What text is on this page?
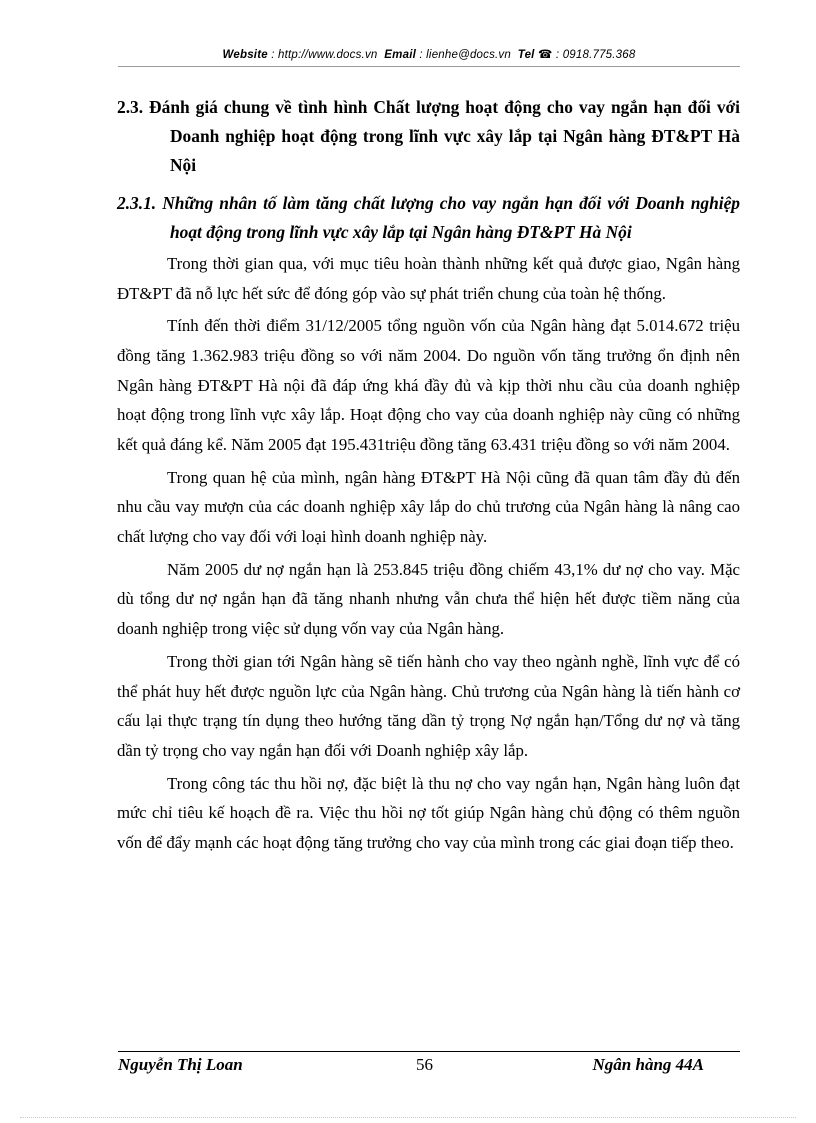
Website : http://www.docs.vn Email : lienhe@docs.vn Tel ☎ : 0918.775.368
2.3. Đánh giá chung về tình hình Chất lượng hoạt động cho vay ngắn hạn đối với Doanh nghiệp hoạt động trong lĩnh vực xây lắp tại Ngân hàng ĐT&PT Hà Nội
2.3.1. Những nhân tố làm tăng chất lượng cho vay ngắn hạn đối với Doanh nghiệp hoạt động trong lĩnh vực xây lắp tại Ngân hàng ĐT&PT Hà Nội

Trong thời gian qua, với mục tiêu hoàn thành những kết quả được giao, Ngân hàng ĐT&PT đã nỗ lực hết sức để đóng góp vào sự phát triển chung của toàn hệ thống.

Tính đến thời điểm 31/12/2005 tổng nguồn vốn của Ngân hàng đạt 5.014.672 triệu đồng tăng 1.362.983 triệu đồng so với năm 2004. Do nguồn vốn tăng trưởng ổn định nên Ngân hàng ĐT&PT Hà nội đã đáp ứng khá đầy đủ và kịp thời nhu cầu của doanh nghiệp hoạt động trong lĩnh vực xây lắp. Hoạt động cho vay của doanh nghiệp này cũng có những kết quả đáng kể. Năm 2005 đạt 195.431triệu đồng tăng 63.431 triệu đồng so với năm 2004.

Trong quan hệ của mình, ngân hàng ĐT&PT Hà Nội cũng đã quan tâm đầy đủ đến nhu cầu vay mượn của các doanh nghiệp xây lắp do chủ trương của Ngân hàng là nâng cao chất lượng cho vay đối với loại hình doanh nghiệp này.

Năm 2005 dư nợ ngắn hạn là 253.845 triệu đồng chiếm 43,1% dư nợ cho vay. Mặc dù tổng dư nợ ngắn hạn đã tăng nhanh nhưng vẫn chưa thể hiện hết được tiềm năng của doanh nghiệp trong việc sử dụng vốn vay của Ngân hàng.

Trong thời gian tới Ngân hàng sẽ tiến hành cho vay theo ngành nghề, lĩnh vực để có thể phát huy hết được nguồn lực của Ngân hàng. Chủ trương của Ngân hàng là tiến hành cơ cấu lại thực trạng tín dụng theo hướng tăng dần tỷ trọng Nợ ngắn hạn/Tổng dư nợ và tăng dần tỷ trọng cho vay ngắn hạn đối với Doanh nghiệp xây lắp.

Trong công tác thu hồi nợ, đặc biệt là thu nợ cho vay ngắn hạn, Ngân hàng luôn đạt mức chỉ tiêu kế hoạch đề ra. Việc thu hồi nợ tốt giúp Ngân hàng chủ động có thêm nguồn vốn để đẩy mạnh các hoạt động tăng trưởng cho vay của mình trong các giai đoạn tiếp theo.

Nguyễn Thị Loan	56	Ngân hàng 44A
